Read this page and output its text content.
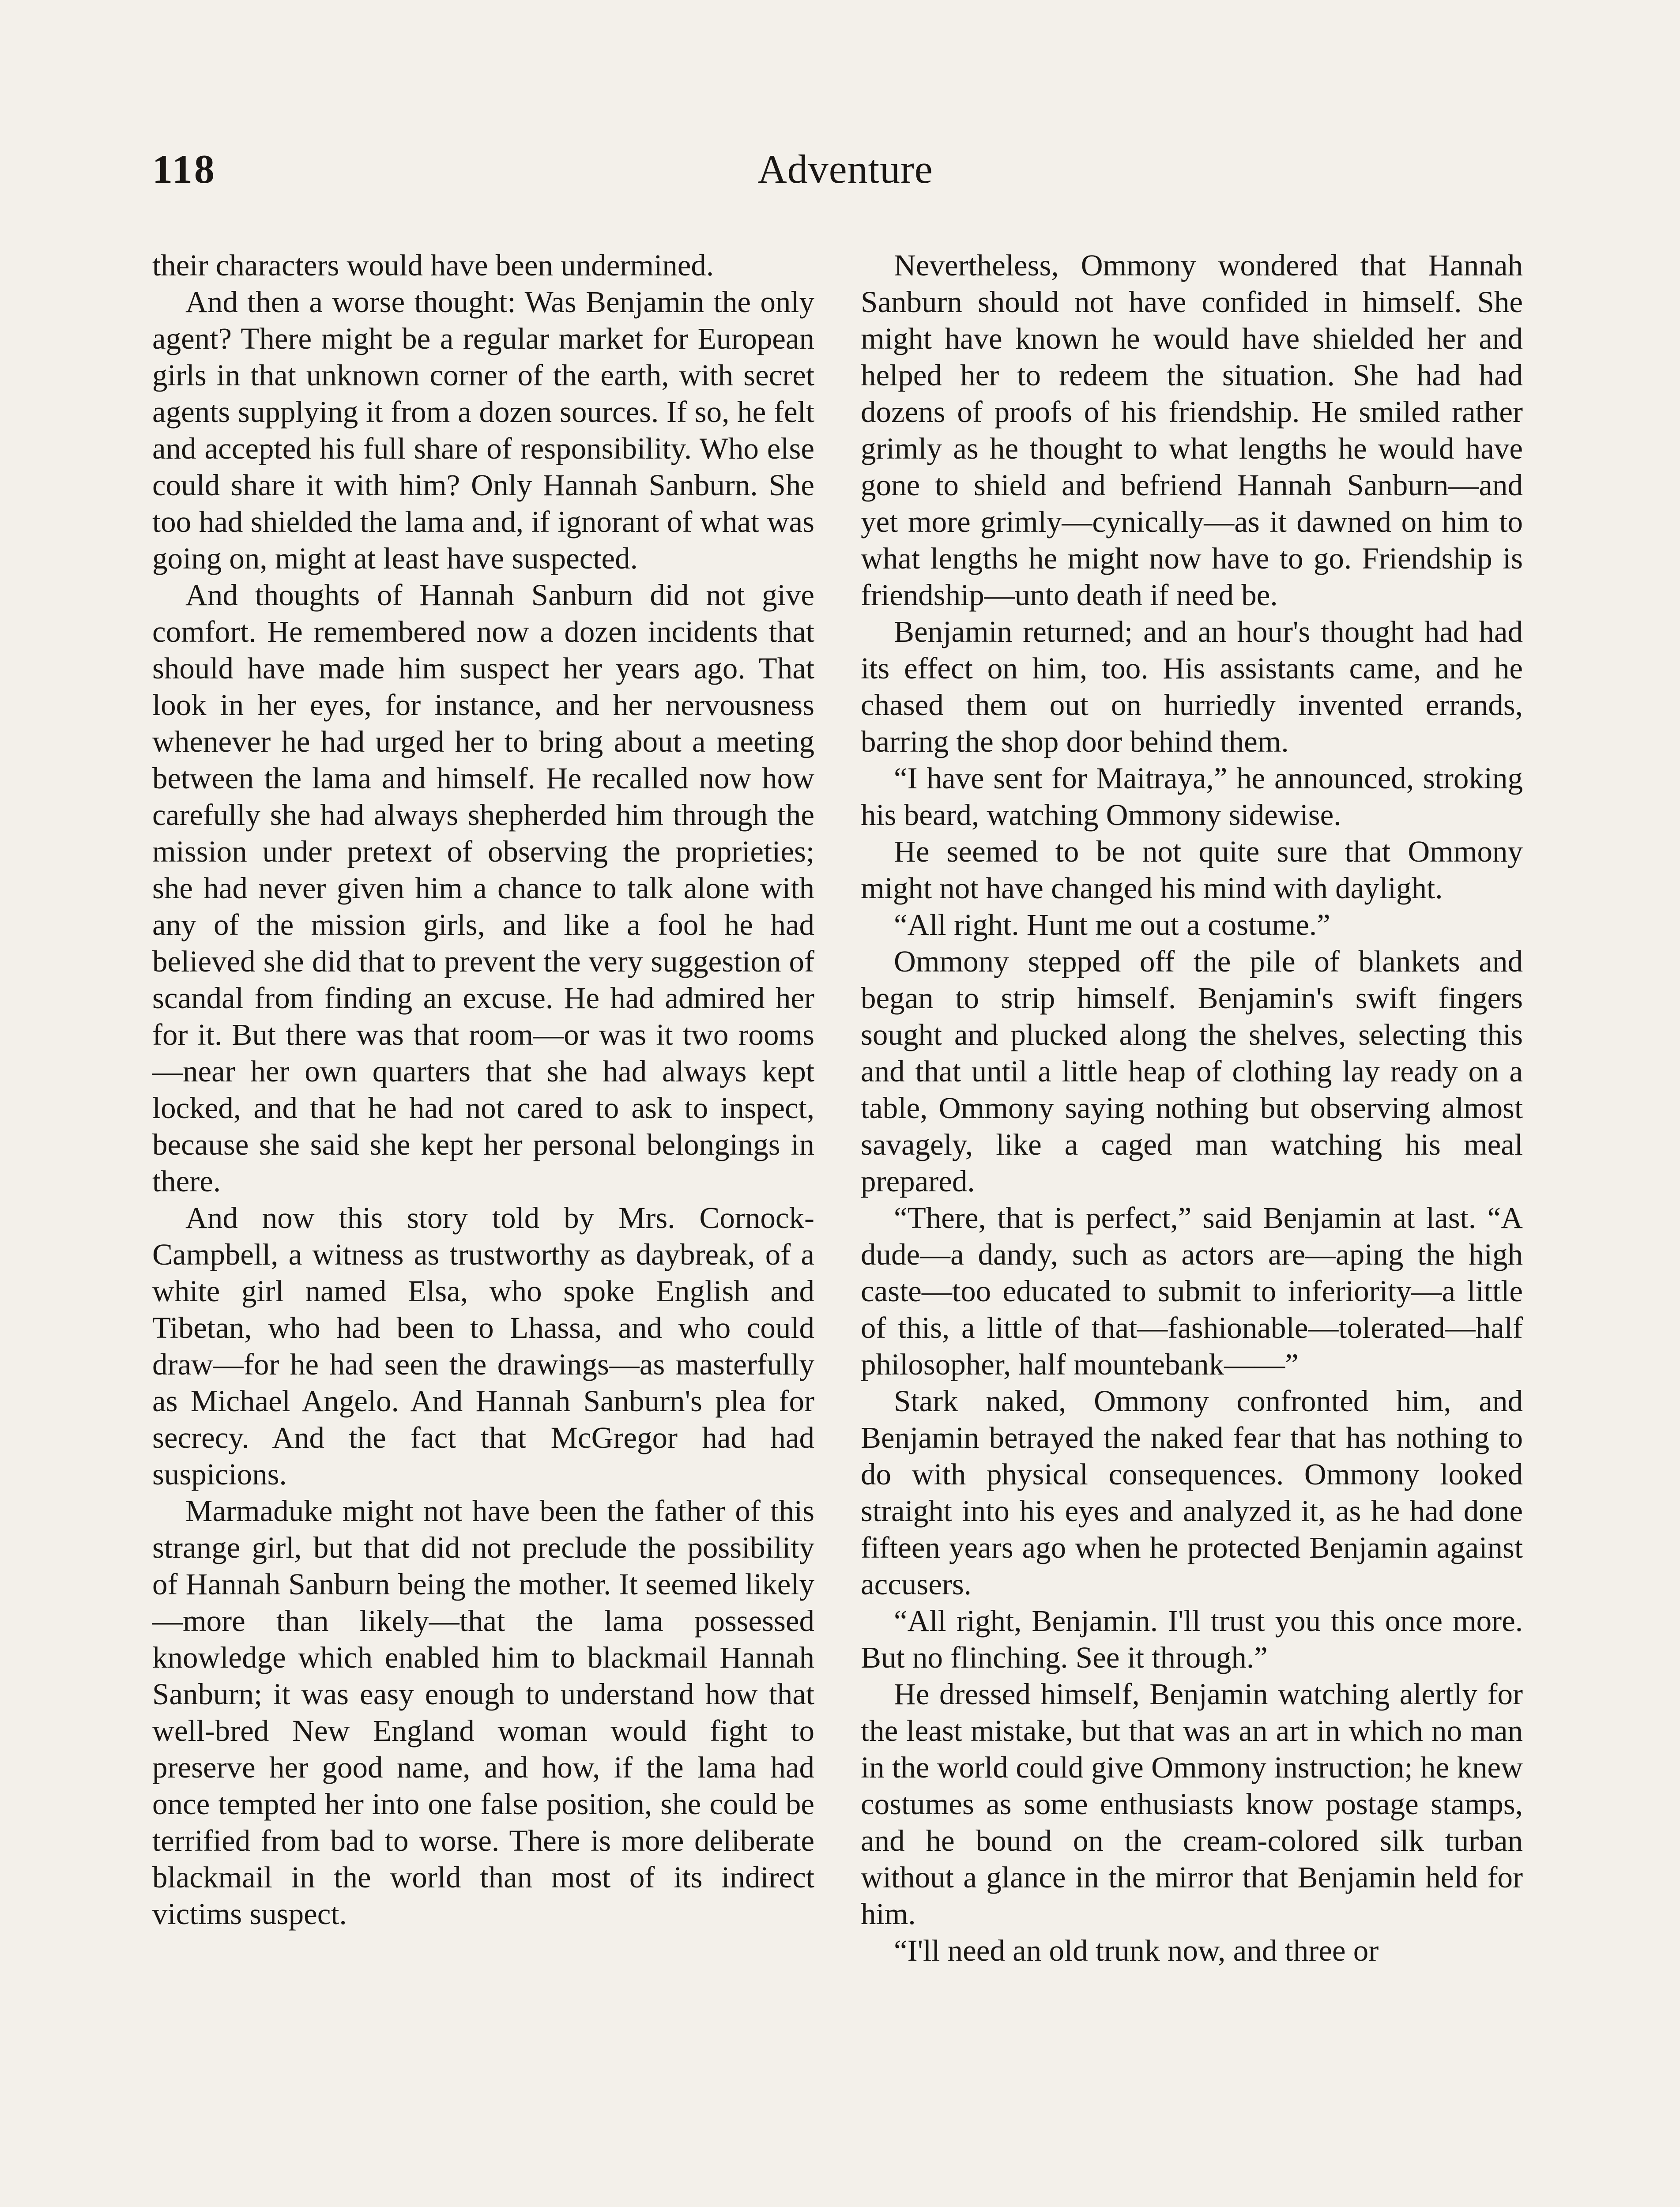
118	Adventure

their characters would have been undermined.

And then a worse thought: Was Benjamin the only agent? There might be a regular market for European girls in that unknown corner of the earth, with secret agents supplying it from a dozen sources. If so, he felt and accepted his full share of responsibility. Who else could share it with him? Only Hannah Sanburn. She too had shielded the lama and, if ignorant of what was going on, might at least have suspected.

And thoughts of Hannah Sanburn did not give comfort. He remembered now a dozen incidents that should have made him suspect her years ago. That look in her eyes, for instance, and her nervousness whenever he had urged her to bring about a meeting between the lama and himself. He recalled now how carefully she had always shepherded him through the mission under pretext of observing the proprieties; she had never given him a chance to talk alone with any of the mission girls, and like a fool he had believed she did that to prevent the very suggestion of scandal from finding an excuse. He had admired her for it. But there was that room—or was it two rooms—near her own quarters that she had always kept locked, and that he had not cared to ask to inspect, because she said she kept her personal belongings in there.

And now this story told by Mrs. Cornock-Campbell, a witness as trustworthy as daybreak, of a white girl named Elsa, who spoke English and Tibetan, who had been to Lhassa, and who could draw—for he had seen the drawings—as masterfully as Michael Angelo. And Hannah Sanburn's plea for secrecy. And the fact that McGregor had had suspicions.

Marmaduke might not have been the father of this strange girl, but that did not preclude the possibility of Hannah Sanburn being the mother. It seemed likely —more than likely—that the lama possessed knowledge which enabled him to blackmail Hannah Sanburn; it was easy enough to understand how that well-bred New England woman would fight to preserve her good name, and how, if the lama had once tempted her into one false position, she could be terrified from bad to worse. There is more deliberate blackmail in the world than most of its indirect victims suspect.

Nevertheless, Ommony wondered that Hannah Sanburn should not have confided in himself. She might have known he would have shielded her and helped her to redeem the situation. She had had dozens of proofs of his friendship. He smiled rather grimly as he thought to what lengths he would have gone to shield and befriend Hannah Sanburn—and yet more grimly—cynically—as it dawned on him to what lengths he might now have to go. Friendship is friendship—unto death if need be.

Benjamin returned; and an hour's thought had had its effect on him, too. His assistants came, and he chased them out on hurriedly invented errands, barring the shop door behind them.

“I have sent for Maitraya,” he announced, stroking his beard, watching Ommony sidewise.

He seemed to be not quite sure that Ommony might not have changed his mind with daylight.

“All right. Hunt me out a costume.”

Ommony stepped off the pile of blankets and began to strip himself. Benjamin's swift fingers sought and plucked along the shelves, selecting this and that until a little heap of clothing lay ready on a table, Ommony saying nothing but observing almost savagely, like a caged man watching his meal prepared.

“There, that is perfect,” said Benjamin at last. “A dude—a dandy, such as actors are—aping the high caste—too educated to submit to inferiority—a little of this, a little of that—fashionable—tolerated—half philosopher, half mountebank——”

Stark naked, Ommony confronted him, and Benjamin betrayed the naked fear that has nothing to do with physical consequences. Ommony looked straight into his eyes and analyzed it, as he had done fifteen years ago when he protected Benjamin against accusers.

“All right, Benjamin. I'll trust you this once more. But no flinching. See it through.”

He dressed himself, Benjamin watching alertly for the least mistake, but that was an art in which no man in the world could give Ommony instruction; he knew costumes as some enthusiasts know postage stamps, and he bound on the cream-colored silk turban without a glance in the mirror that Benjamin held for him.

“I'll need an old trunk now, and three or
